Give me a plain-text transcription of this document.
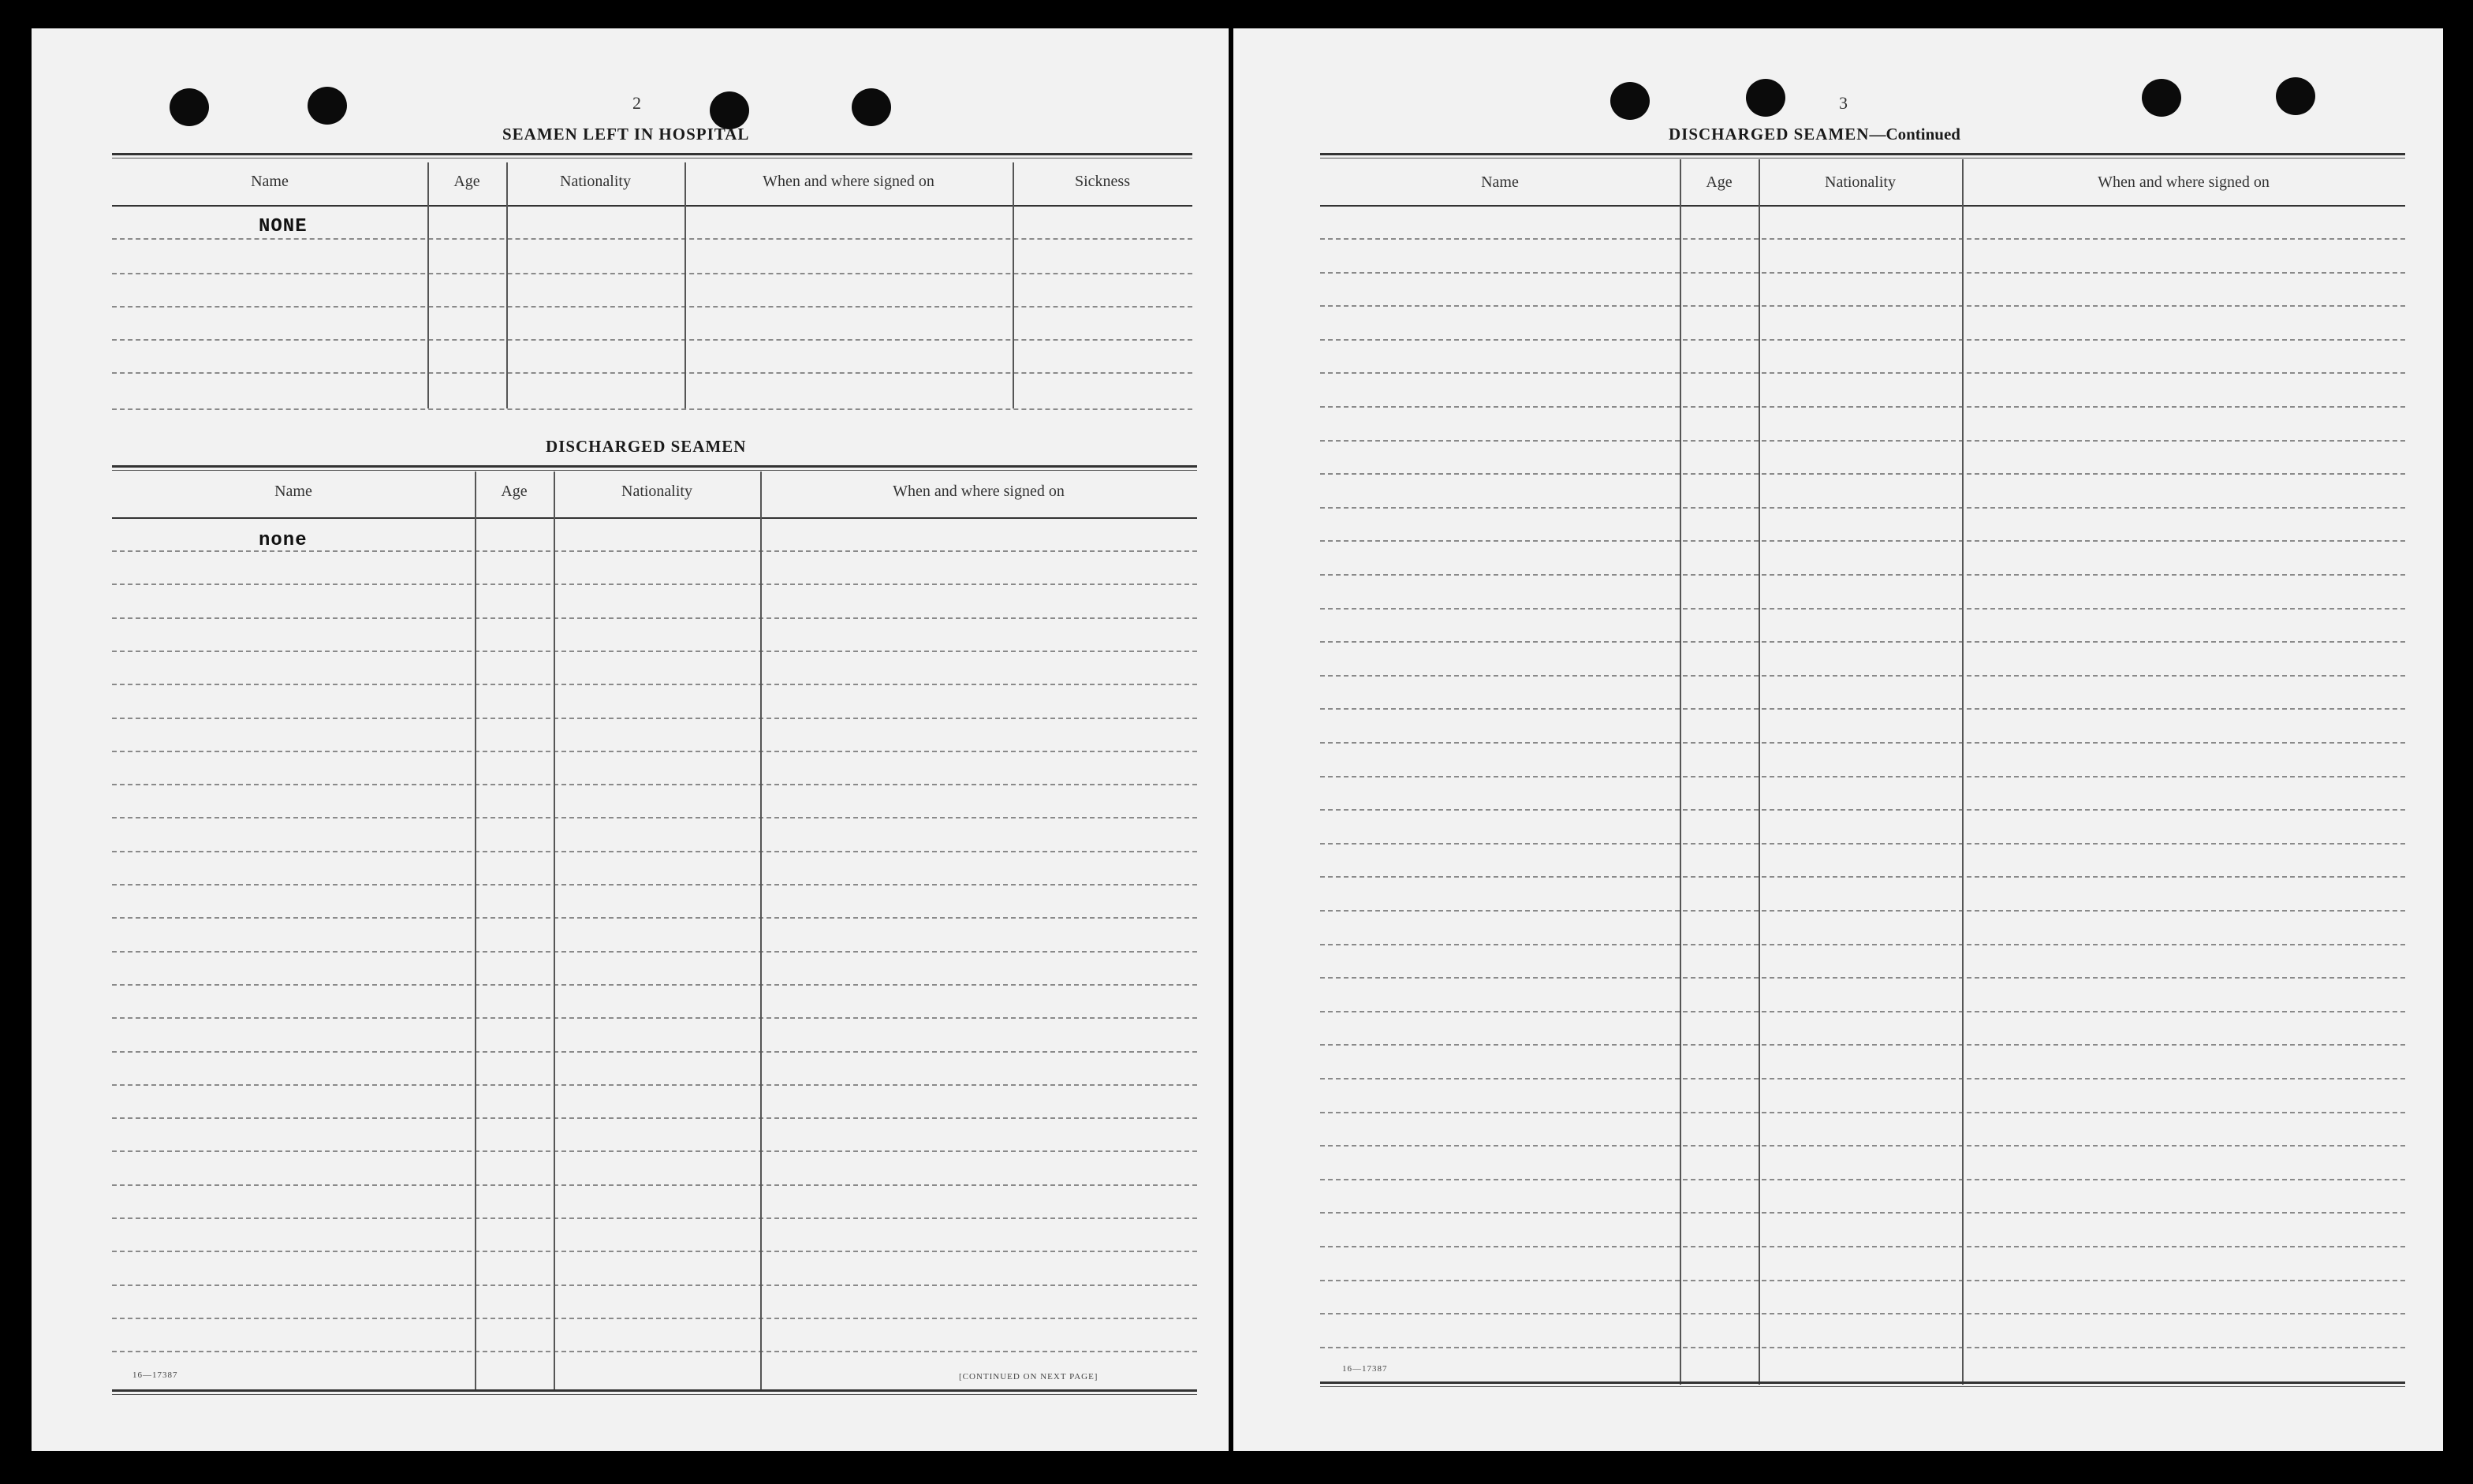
2
SEAMEN LEFT IN HOSPITAL
Name	Age	Nationality	When and where signed on	Sickness
NONE
DISCHARGED SEAMEN
Name	Age	Nationality	When and where signed on
none
16—17387	[CONTINUED ON NEXT PAGE]
3
DISCHARGED SEAMEN—Continued
Name	Age	Nationality	When and where signed on
16—17387
